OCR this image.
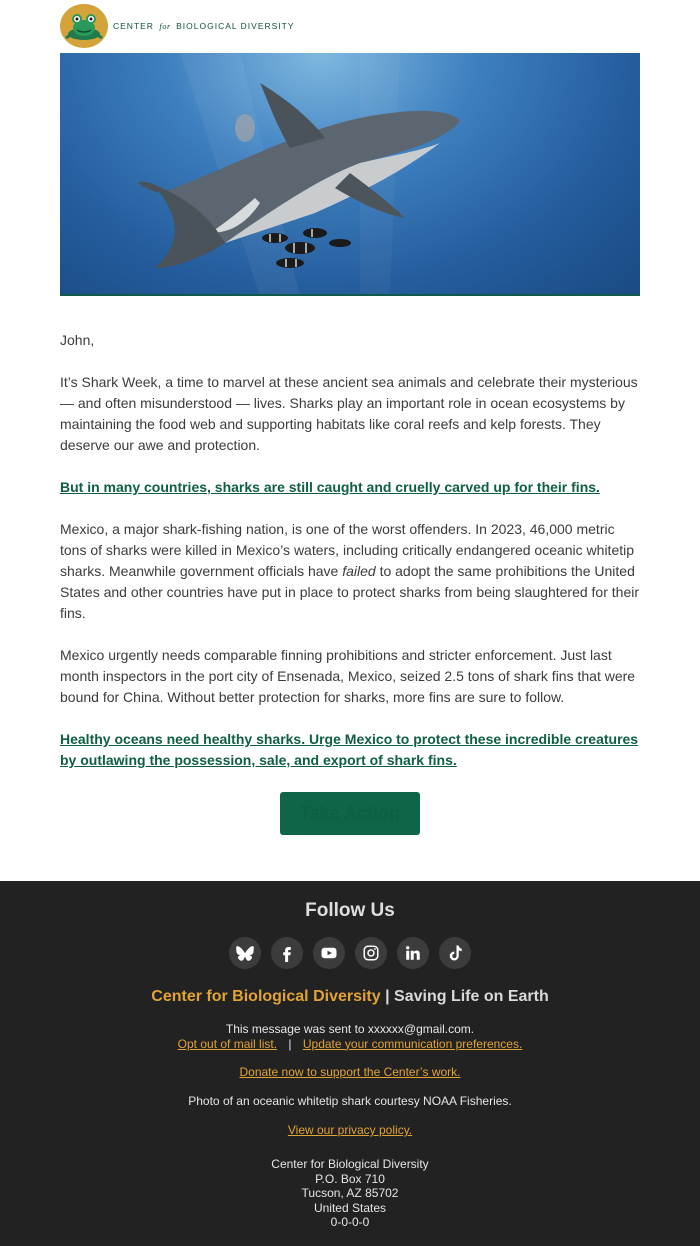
CENTER for BIOLOGICAL DIVERSITY

John,

It’s Shark Week, a time to marvel at these ancient sea animals and celebrate their mysterious — and often misunderstood — lives. Sharks play an important role in ocean ecosystems by maintaining the food web and supporting habitats like coral reefs and kelp forests. They deserve our awe and protection.

But in many countries, sharks are still caught and cruelly carved up for their fins.

Mexico, a major shark-fishing nation, is one of the worst offenders. In 2023, 46,000 metric tons of sharks were killed in Mexico’s waters, including critically endangered oceanic whitetip sharks. Meanwhile government officials have failed to adopt the same prohibitions the United States and other countries have put in place to protect sharks from being slaughtered for their fins.

Mexico urgently needs comparable finning prohibitions and stricter enforcement. Just last month inspectors in the port city of Ensenada, Mexico, seized 2.5 tons of shark fins that were bound for China. Without better protection for sharks, more fins are sure to follow.

Healthy oceans need healthy sharks. Urge Mexico to protect these incredible creatures by outlawing the possession, sale, and export of shark fins.

Take Action
Follow Us
Center for Biological Diversity | Saving Life on Earth
This message was sent to xxxxxx@gmail.com.
Opt out of mail list. | Update your communication preferences.
Donate now to support the Center’s work.
Photo of an oceanic whitetip shark courtesy NOAA Fisheries.
View our privacy policy.
Center for Biological Diversity
P.O. Box 710
Tucson, AZ 85702
United States
0-0-0-0
